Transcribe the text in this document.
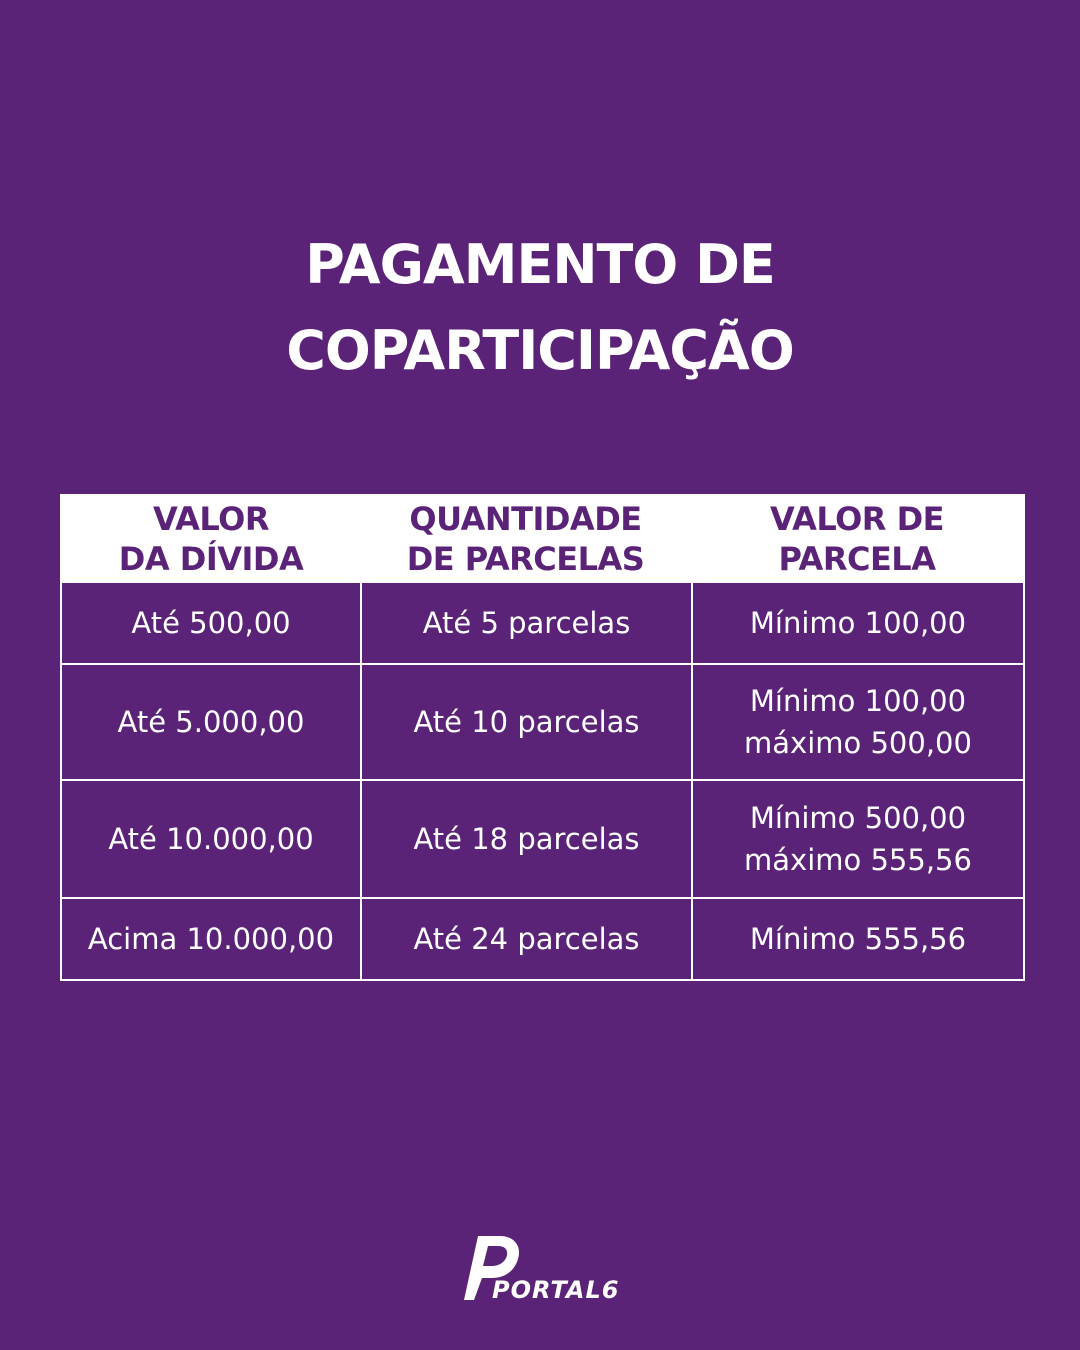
PAGAMENTO DE
COPARTICIPAÇÃO
VALOR
DA DÍVIDA
QUANTIDADE
DE PARCELAS
VALOR DE
PARCELA
Até 500,00	Até 5 parcelas	Mínimo 100,00
Até 5.000,00	Até 10 parcelas
Mínimo 100,00
máximo 500,00
Até 10.000,00	Até 18 parcelas
Mínimo 500,00
máximo 555,56
Acima 10.000,00	Até 24 parcelas	Mínimo 555,56
PORTAL6
